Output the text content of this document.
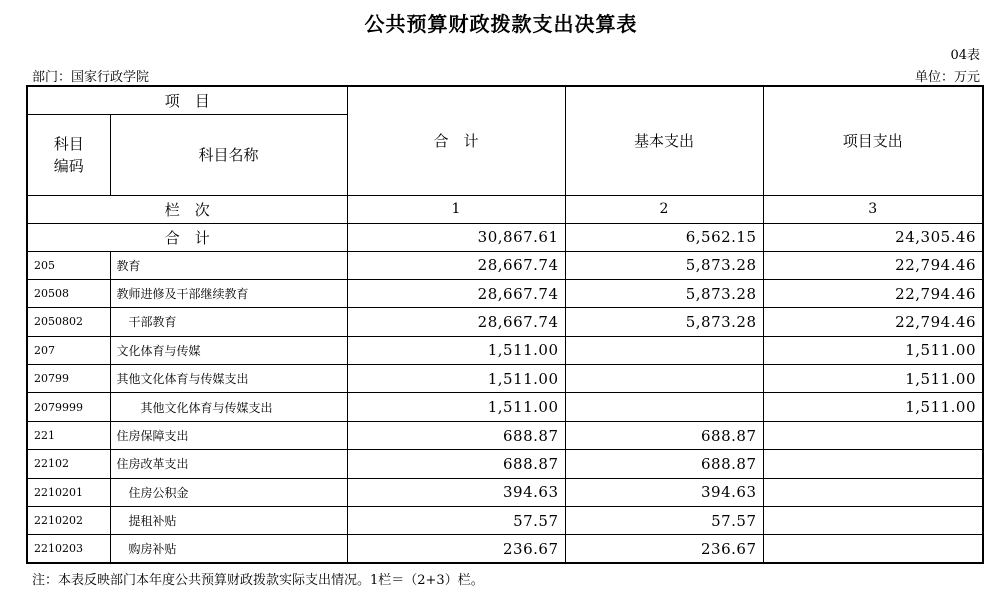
公共预算财政拨款支出决算表
04表
部门：国家行政学院	单位：万元
项　目		合　计	基本支出	项目支出
科目
编码	科目名称			
栏　次		1	2	3
合　计		30,867.61	6,562.15	24,305.46
205	教育	28,667.74	5,873.28	22,794.46
20508	教师进修及干部继续教育	28,667.74	5,873.28	22,794.46
2050802	干部教育	28,667.74	5,873.28	22,794.46
207	文化体育与传媒	1,511.00		1,511.00
20799	其他文化体育与传媒支出	1,511.00		1,511.00
2079999	其他文化体育与传媒支出	1,511.00		1,511.00
221	住房保障支出	688.87	688.87	
22102	住房改革支出	688.87	688.87	
2210201	住房公积金	394.63	394.63	
2210202	提租补贴	57.57	57.57	
2210203	购房补贴	236.67	236.67	
注：本表反映部门本年度公共预算财政拨款实际支出情况。1栏＝（2+3）栏。
